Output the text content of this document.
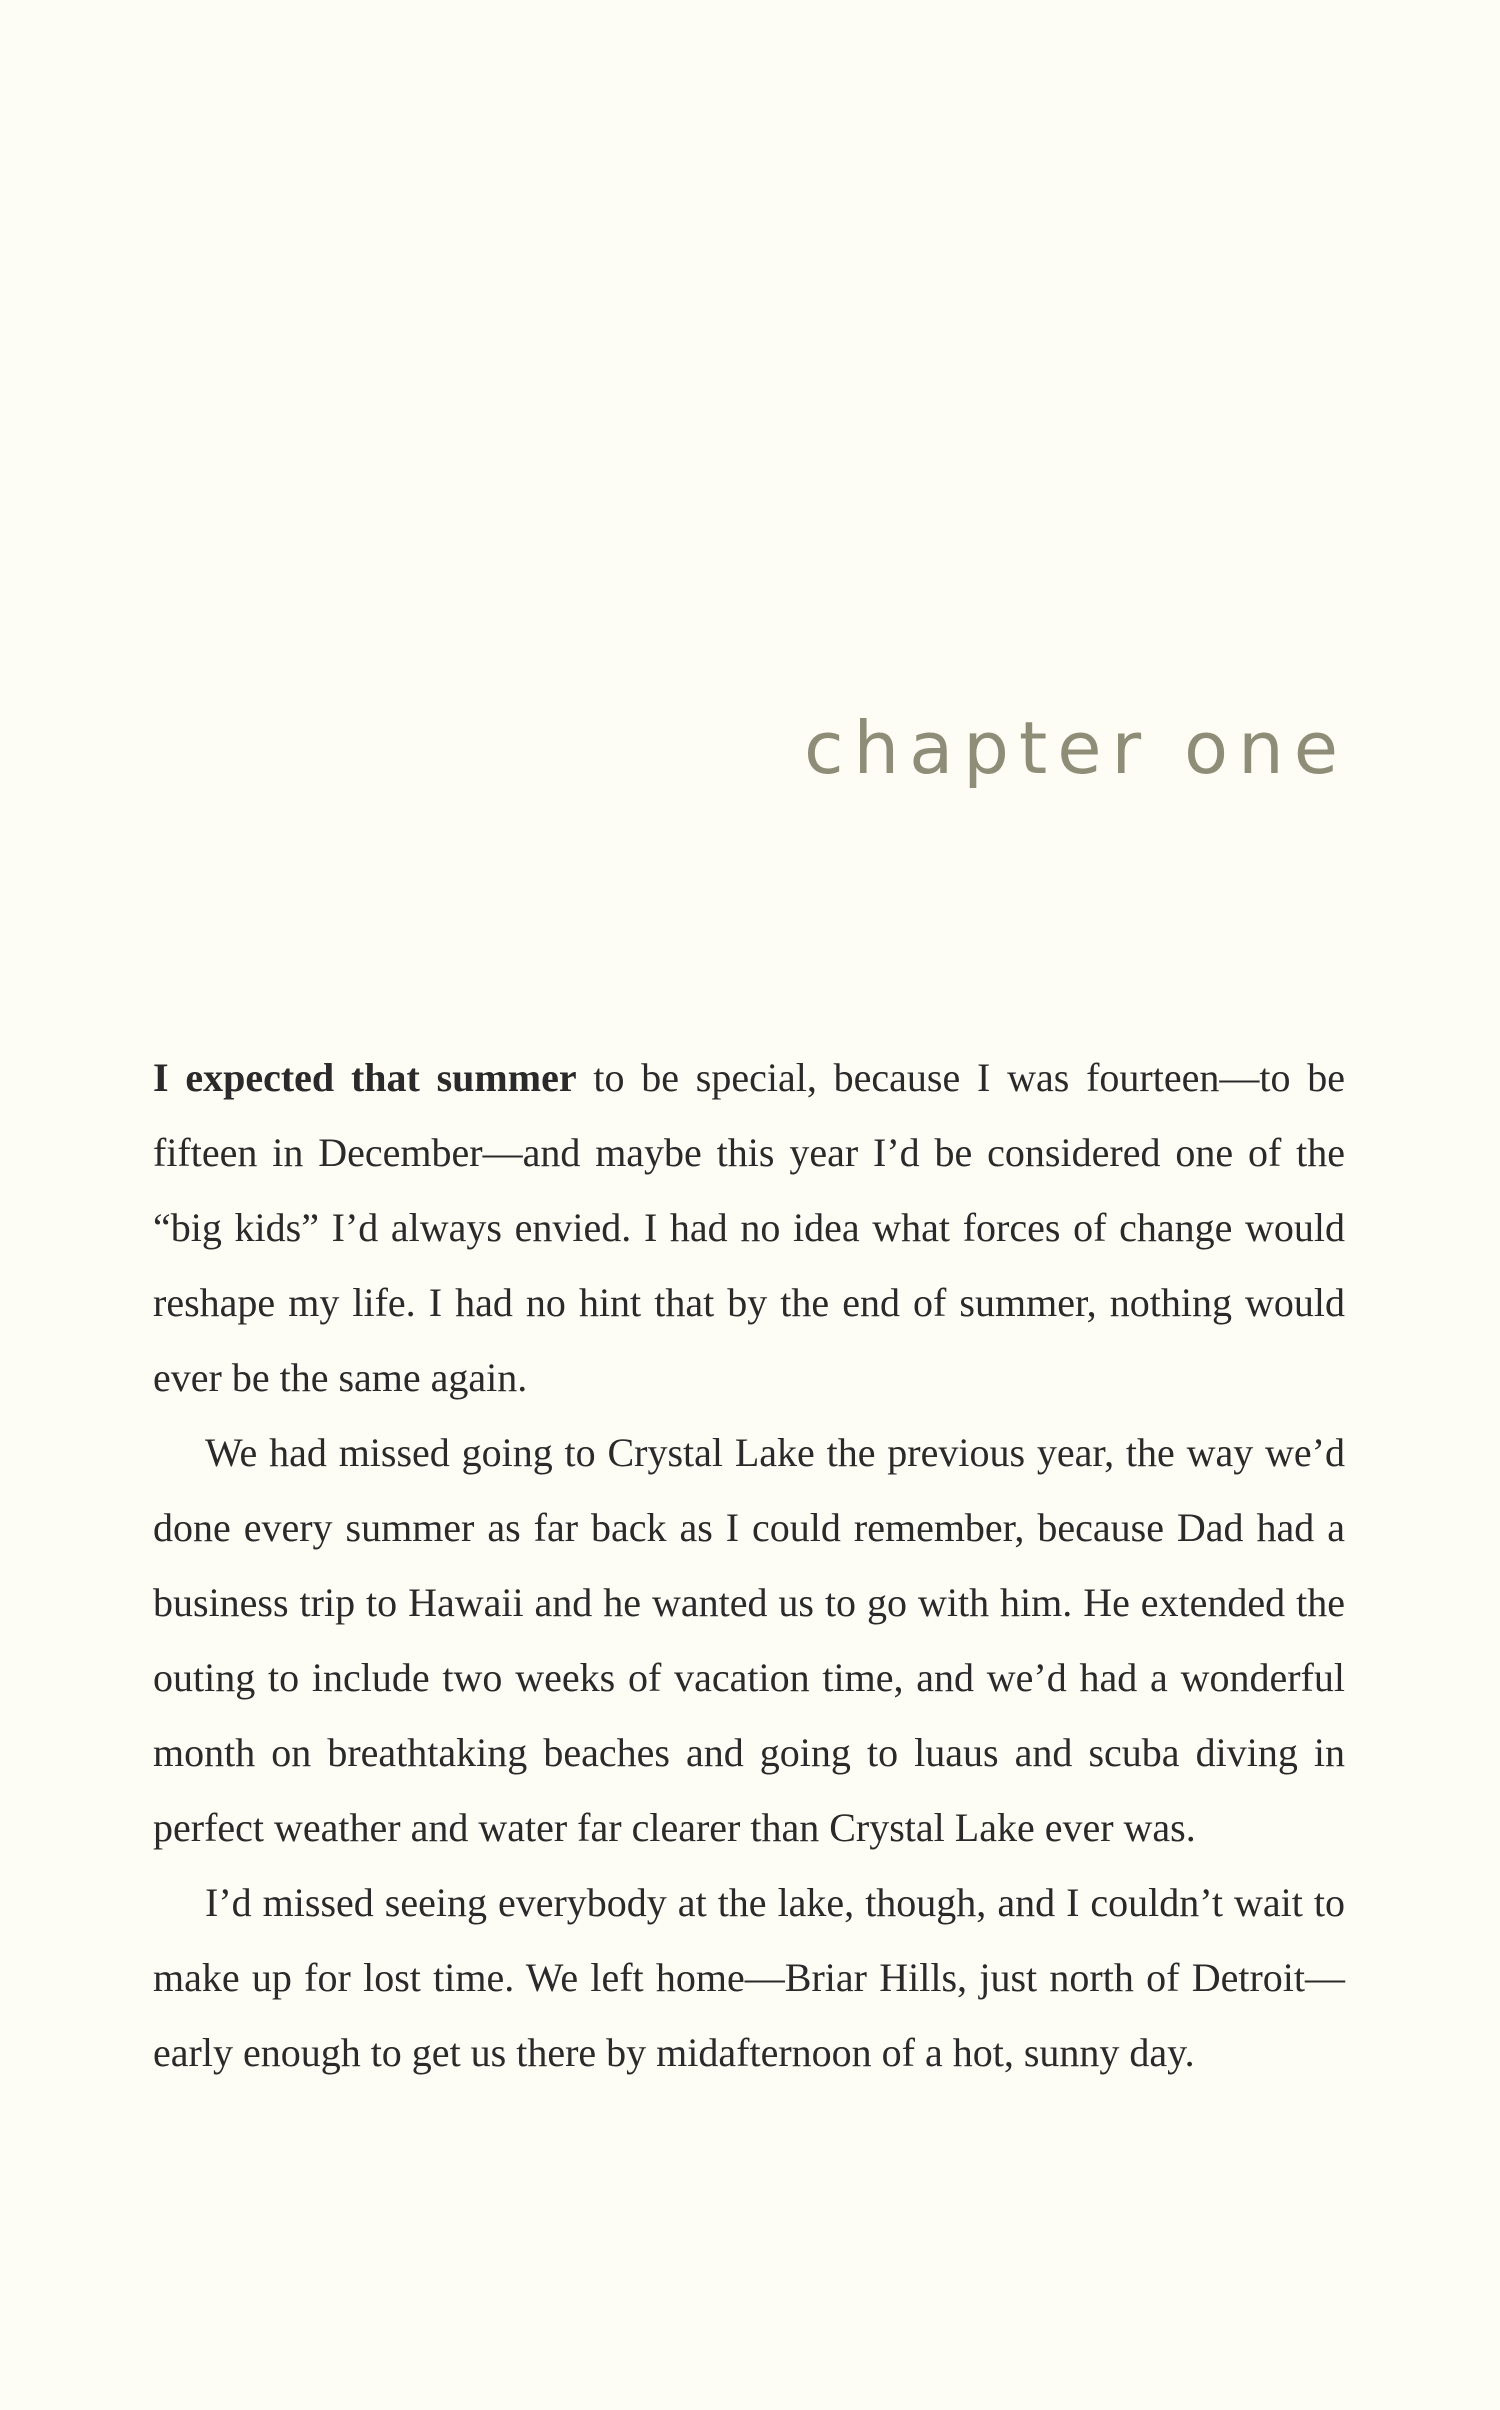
chapter one

I expected that summer to be special, because I was fourteen—to be fifteen in December—and maybe this year I’d be considered one of the “big kids” I’d always envied. I had no idea what forces of change would reshape my life. I had no hint that by the end of summer, nothing would ever be the same again.

We had missed going to Crystal Lake the previous year, the way we’d done every summer as far back as I could remember, because Dad had a business trip to Hawaii and he wanted us to go with him. He extended the outing to include two weeks of vacation time, and we’d had a wonderful month on breathtaking beaches and going to luaus and scuba diving in perfect weather and water far clearer than Crystal Lake ever was.

I’d missed seeing everybody at the lake, though, and I couldn’t wait to make up for lost time. We left home—Briar Hills, just north of Detroit—early enough to get us there by midafternoon of a hot, sunny day.
